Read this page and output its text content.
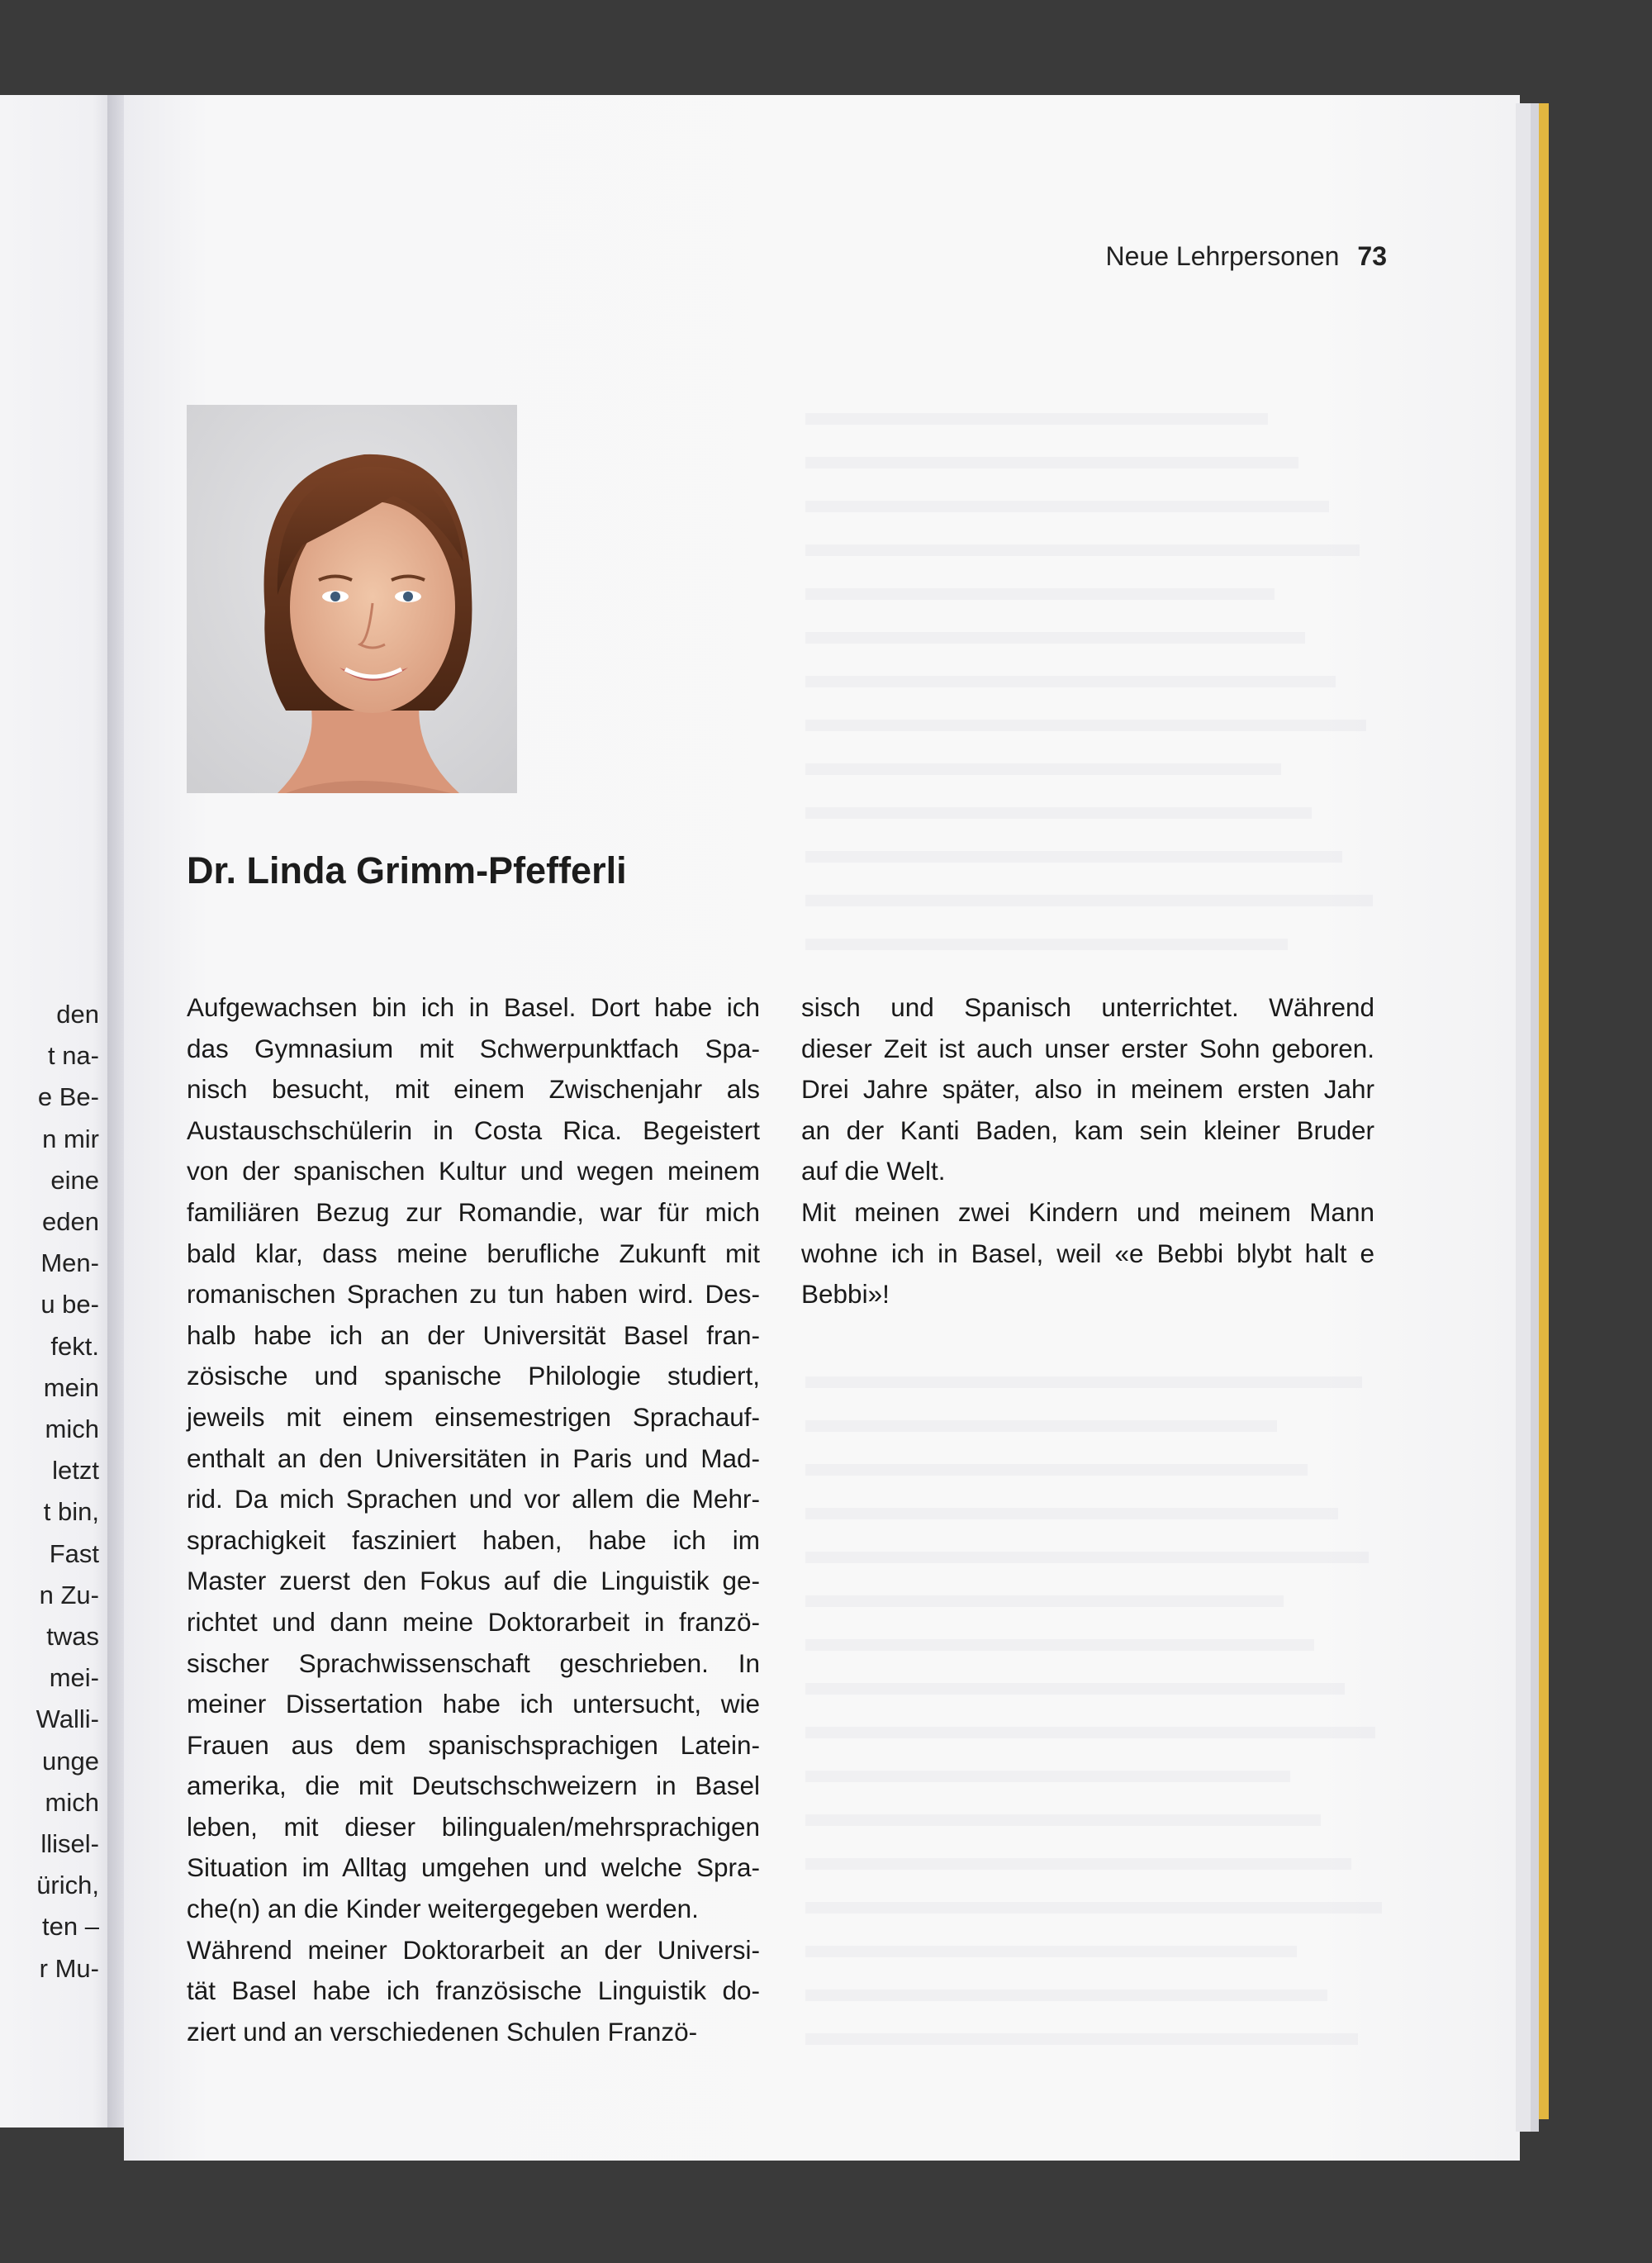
den
t na-
e Be-
n mir
eine
eden
Men-
u be-
fekt.
mein
mich
letzt
t bin,
Fast
n Zu-
twas
mei-
Walli-
unge
mich
llisel-
ürich,
ten –
r Mu-
Neue Lehrpersonen 73
Dr. Linda Grimm-Pfefferli
Aufgewachsen bin ich in Basel. Dort habe ich
das Gymnasium mit Schwerpunktfach Spa-
nisch besucht, mit einem Zwischenjahr als
Austauschschülerin in Costa Rica. Begeistert
von der spanischen Kultur und wegen meinem
familiären Bezug zur Romandie, war für mich
bald klar, dass meine berufliche Zukunft mit
romanischen Sprachen zu tun haben wird. Des-
halb habe ich an der Universität Basel fran-
zösische und spanische Philologie studiert,
jeweils mit einem einsemestrigen Sprachauf-
enthalt an den Universitäten in Paris und Mad-
rid. Da mich Sprachen und vor allem die Mehr-
sprachigkeit fasziniert haben, habe ich im
Master zuerst den Fokus auf die Linguistik ge-
richtet und dann meine Doktorarbeit in franzö-
sischer Sprachwissenschaft geschrieben. In
meiner Dissertation habe ich untersucht, wie
Frauen aus dem spanischsprachigen Latein-
amerika, die mit Deutschschweizern in Basel
leben, mit dieser bilingualen/mehrsprachigen
Situation im Alltag umgehen und welche Spra-
che(n) an die Kinder weitergegeben werden.
Während meiner Doktorarbeit an der Universi-
tät Basel habe ich französische Linguistik do-
ziert und an verschiedenen Schulen Franzö-
sisch und Spanisch unterrichtet. Während
dieser Zeit ist auch unser erster Sohn geboren.
Drei Jahre später, also in meinem ersten Jahr
an der Kanti Baden, kam sein kleiner Bruder
auf die Welt.
Mit meinen zwei Kindern und meinem Mann
wohne ich in Basel, weil «e Bebbi blybt halt e
Bebbi»!
